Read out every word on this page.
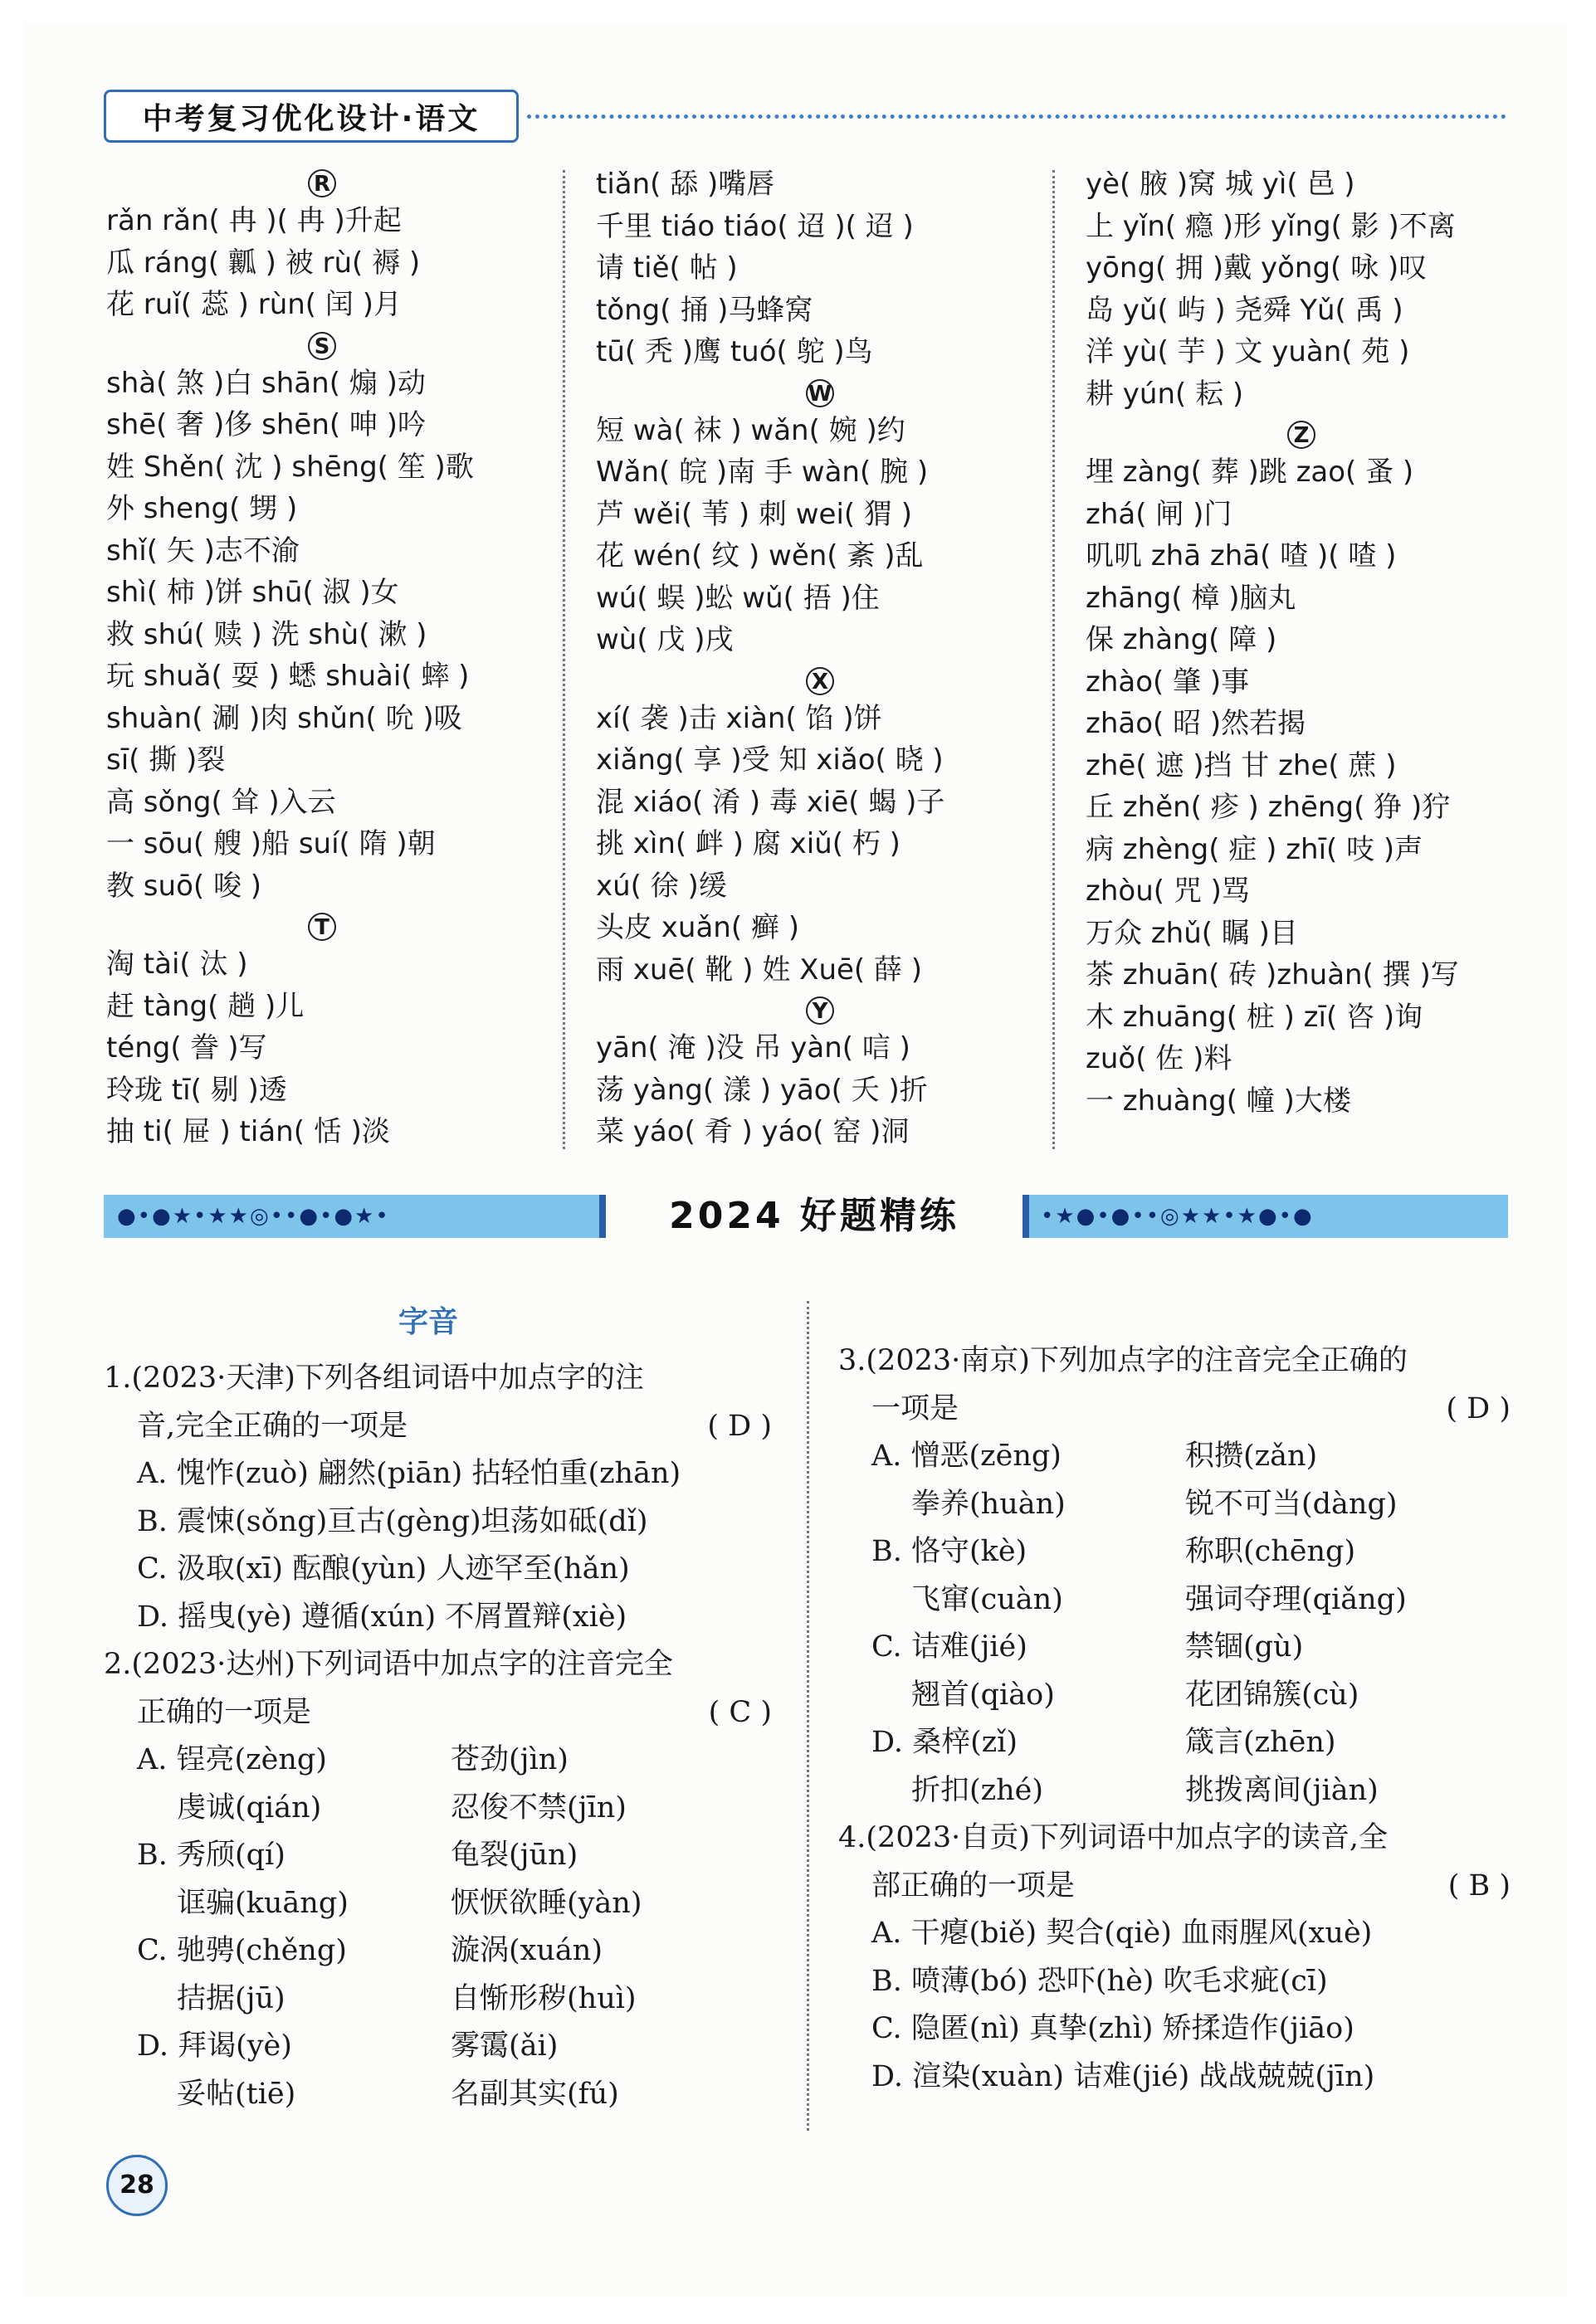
中考复习优化设计·语文
R
rǎn rǎn( 冉 )( 冉 )升起
瓜 ráng( 瓤 ) 被 rù( 褥 )
花 ruǐ( 蕊 ) rùn( 闰 )月
S
shà( 煞 )白 shān( 煽 )动
shē( 奢 )侈 shēn( 呻 )吟
姓 Shěn( 沈 ) shēng( 笙 )歌
外 sheng( 甥 )
shǐ( 矢 )志不渝
shì( 柿 )饼 shū( 淑 )女
救 shú( 赎 ) 洗 shù( 漱 )
玩 shuǎ( 耍 ) 蟋 shuài( 蟀 )
shuàn( 涮 )肉 shǔn( 吮 )吸
sī( 撕 )裂
高 sǒng( 耸 )入云
一 sōu( 艘 )船 suí( 隋 )朝
教 suō( 唆 )
T
淘 tài( 汰 )
赶 tàng( 趟 )儿
téng( 誊 )写
玲珑 tī( 剔 )透
抽 ti( 屉 ) tián( 恬 )淡
tiǎn( 舔 )嘴唇
千里 tiáo tiáo( 迢 )( 迢 )
请 tiě( 帖 )
tǒng( 捅 )马蜂窝
tū( 秃 )鹰 tuó( 鸵 )鸟
W
短 wà( 袜 ) wǎn( 婉 )约
Wǎn( 皖 )南 手 wàn( 腕 )
芦 wěi( 苇 ) 刺 wei( 猬 )
花 wén( 纹 ) wěn( 紊 )乱
wú( 蜈 )蚣 wǔ( 捂 )住
wù( 戊 )戌
X
xí( 袭 )击 xiàn( 馅 )饼
xiǎng( 享 )受 知 xiǎo( 晓 )
混 xiáo( 淆 ) 毒 xiē( 蝎 )子
挑 xìn( 衅 ) 腐 xiǔ( 朽 )
xú( 徐 )缓
头皮 xuǎn( 癣 )
雨 xuē( 靴 ) 姓 Xuē( 薛 )
Y
yān( 淹 )没 吊 yàn( 唁 )
荡 yàng( 漾 ) yāo( 夭 )折
菜 yáo( 肴 ) yáo( 窑 )洞
yè( 腋 )窝 城 yì( 邑 )
上 yǐn( 瘾 )形 yǐng( 影 )不离
yōng( 拥 )戴 yǒng( 咏 )叹
岛 yǔ( 屿 ) 尧舜 Yǔ( 禹 )
洋 yù( 芋 ) 文 yuàn( 苑 )
耕 yún( 耘 )
Z
埋 zàng( 葬 )跳 zao( 蚤 )
zhá( 闸 )门
叽叽 zhā zhā( 喳 )( 喳 )
zhāng( 樟 )脑丸
保 zhàng( 障 )
zhào( 肇 )事
zhāo( 昭 )然若揭
zhē( 遮 )挡 甘 zhe( 蔗 )
丘 zhěn( 疹 ) zhēng( 狰 )狞
病 zhèng( 症 ) zhī( 吱 )声
zhòu( 咒 )骂
万众 zhǔ( 瞩 )目
茶 zhuān( 砖 )zhuàn( 撰 )写
木 zhuāng( 桩 ) zī( 咨 )询
zuǒ( 佐 )料
一 zhuàng( 幢 )大楼
●•●★•★★◎••●•●★•	2024 好题精练	•★●•●••◎★★•★●•●
字音
1.(2023·天津)下列各组词语中加点字的注
音,完全正确的一项是	( D )
A. 愧怍(zuò) 翩然(piān) 拈轻怕重(zhān)
B. 震悚(sǒng)亘古(gèng)坦荡如砥(dǐ)
C. 汲取(xī) 酝酿(yùn) 人迹罕至(hǎn)
D. 摇曳(yè) 遵循(xún) 不屑置辩(xiè)
2.(2023·达州)下列词语中加点字的注音完全
正确的一项是	( C )
A. 锃亮(zèng)	苍劲(jìn)
虔诚(qián)	忍俊不禁(jīn)
B. 秀颀(qí)	龟裂(jūn)
诓骗(kuāng)	恹恹欲睡(yàn)
C. 驰骋(chěng)	漩涡(xuán)
拮据(jū)	自惭形秽(huì)
D. 拜谒(yè)	雾霭(ǎi)
妥帖(tiē)	名副其实(fú)
3.(2023·南京)下列加点字的注音完全正确的
一项是	( D )
A. 憎恶(zēng)	积攒(zǎn)
拳养(huàn)	锐不可当(dàng)
B. 恪守(kè)	称职(chēng)
飞窜(cuàn)	强词夺理(qiǎng)
C. 诘难(jié)	禁锢(gù)
翘首(qiào)	花团锦簇(cù)
D. 桑梓(zǐ)	箴言(zhēn)
折扣(zhé)	挑拨离间(jiàn)
4.(2023·自贡)下列词语中加点字的读音,全
部正确的一项是	( B )
A. 干瘪(biě) 契合(qiè) 血雨腥风(xuè)
B. 喷薄(bó) 恐吓(hè) 吹毛求疵(cī)
C. 隐匿(nì) 真挚(zhì) 矫揉造作(jiāo)
D. 渲染(xuàn) 诘难(jié) 战战兢兢(jīn)
28
